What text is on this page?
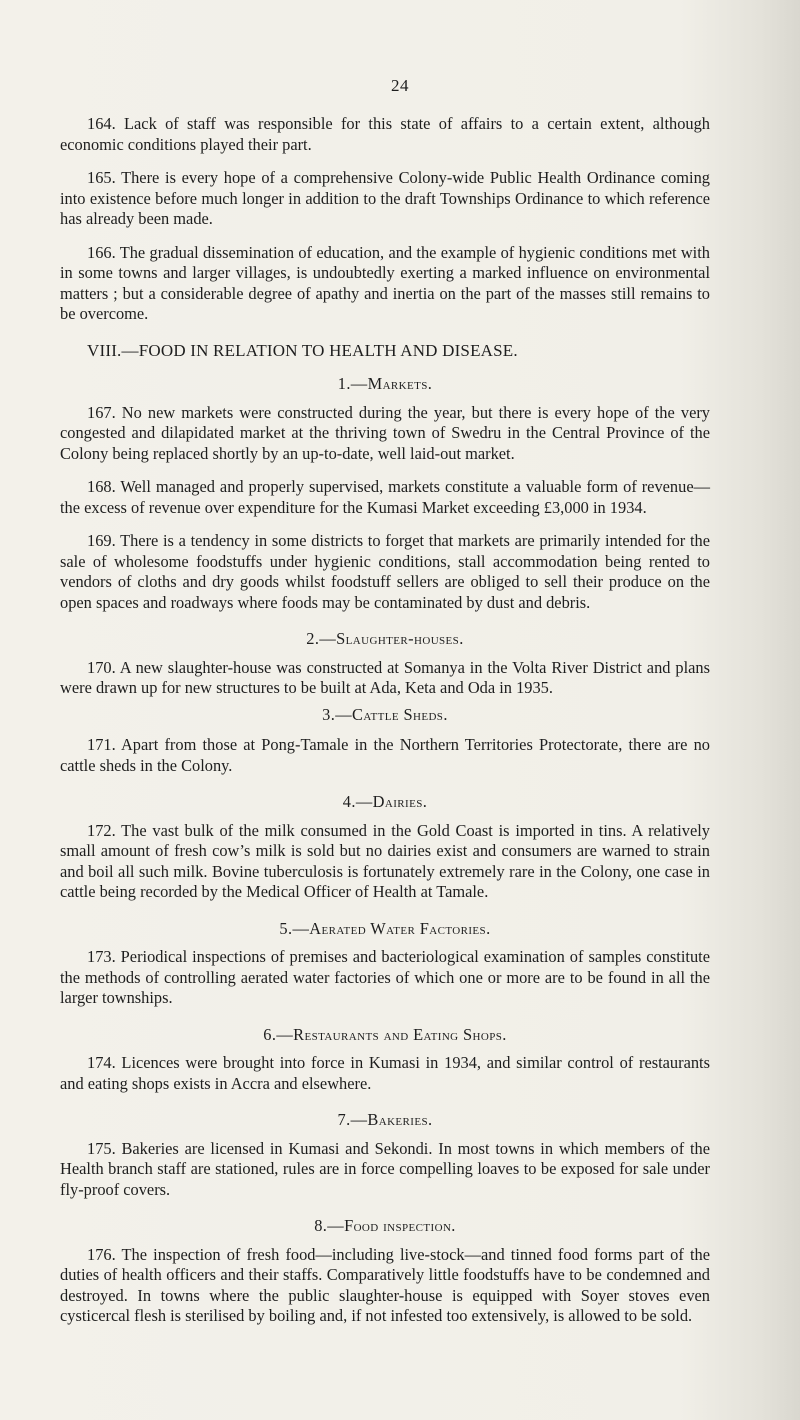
24

164. Lack of staff was responsible for this state of affairs to a certain extent, although economic conditions played their part.

165. There is every hope of a comprehensive Colony-wide Public Health Ordinance coming into existence before much longer in addition to the draft Townships Ordinance to which reference has already been made.

166. The gradual dissemination of education, and the example of hygienic conditions met with in some towns and larger villages, is undoubtedly exerting a marked influence on environmental matters ; but a considerable degree of apathy and inertia on the part of the masses still remains to be overcome.

VIII.—FOOD IN RELATION TO HEALTH AND DISEASE.

1.—Markets.

167. No new markets were constructed during the year, but there is every hope of the very congested and dilapidated market at the thriving town of Swedru in the Central Province of the Colony being replaced shortly by an up-to-date, well laid-out market.

168. Well managed and properly supervised, markets constitute a valuable form of revenue—the excess of revenue over expenditure for the Kumasi Market exceeding £3,000 in 1934.

169. There is a tendency in some districts to forget that markets are primarily intended for the sale of wholesome foodstuffs under hygienic conditions, stall accommodation being rented to vendors of cloths and dry goods whilst foodstuff sellers are obliged to sell their produce on the open spaces and roadways where foods may be contaminated by dust and debris.

2.—Slaughter-houses.

170. A new slaughter-house was constructed at Somanya in the Volta River District and plans were drawn up for new structures to be built at Ada, Keta and Oda in 1935.

3.—Cattle Sheds.

171. Apart from those at Pong-Tamale in the Northern Territories Protectorate, there are no cattle sheds in the Colony.

4.—Dairies.

172. The vast bulk of the milk consumed in the Gold Coast is imported in tins. A relatively small amount of fresh cow’s milk is sold but no dairies exist and consumers are warned to strain and boil all such milk. Bovine tuberculosis is fortunately extremely rare in the Colony, one case in cattle being recorded by the Medical Officer of Health at Tamale.

5.—Aerated Water Factories.

173. Periodical inspections of premises and bacteriological examination of samples constitute the methods of controlling aerated water factories of which one or more are to be found in all the larger townships.

6.—Restaurants and Eating Shops.

174. Licences were brought into force in Kumasi in 1934, and similar control of restaurants and eating shops exists in Accra and elsewhere.

7.—Bakeries.

175. Bakeries are licensed in Kumasi and Sekondi. In most towns in which members of the Health branch staff are stationed, rules are in force compelling loaves to be exposed for sale under fly-proof covers.

8.—Food inspection.

176. The inspection of fresh food—including live-stock—and tinned food forms part of the duties of health officers and their staffs. Comparatively little foodstuffs have to be condemned and destroyed. In towns where the public slaughter-house is equipped with Soyer stoves even cysticercal flesh is sterilised by boiling and, if not infested too extensively, is allowed to be sold.
